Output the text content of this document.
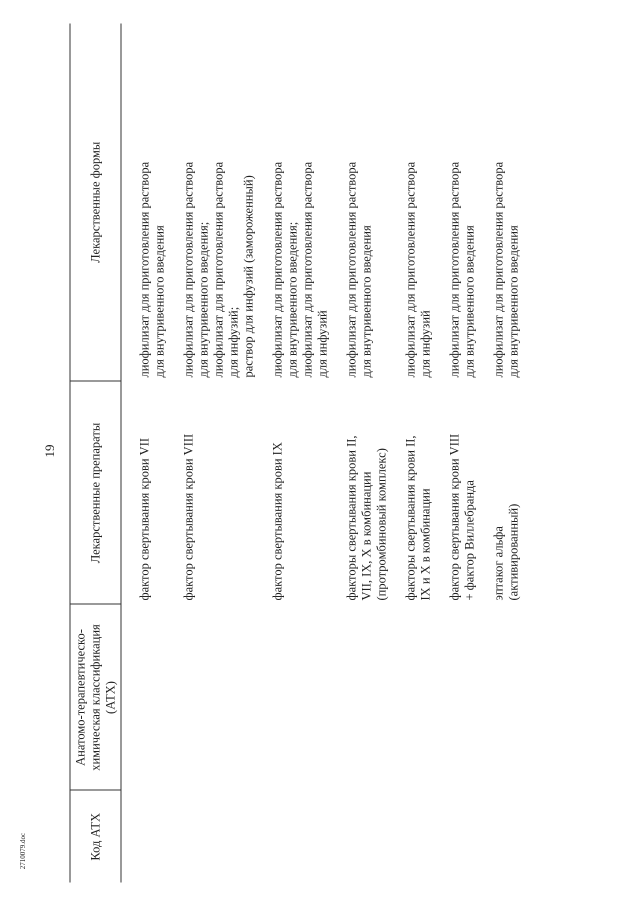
19
2710079.doc	Код АТХ	Анатомо-терапевтическо-химическая классификация (АТХ)	Лекарственные препараты	Лекарственные формы

		фактор свертывания крови VII	лиофилизат для приготовления раствора для внутривенного введения

		фактор свертывания крови VIII	лиофилизат для приготовления раствора для внутривенного введения; лиофилизат для приготовления раствора для инфузий; раствор для инфузий (замороженный)

		фактор свертывания крови IX	лиофилизат для приготовления раствора для внутривенного введения; лиофилизат для приготовления раствора для инфузий

		факторы свертывания крови II, VII, IX, X в комбинации (протромбиновый комплекс)	лиофилизат для приготовления раствора для внутривенного введения

		факторы свертывания крови II, IX и X в комбинации	лиофилизат для приготовления раствора для инфузий

		фактор свертывания крови VIII + фактор Виллебранда	лиофилизат для приготовления раствора для внутривенного введения

		эптаког альфа (активированный)	лиофилизат для приготовления раствора для внутривенного введения
